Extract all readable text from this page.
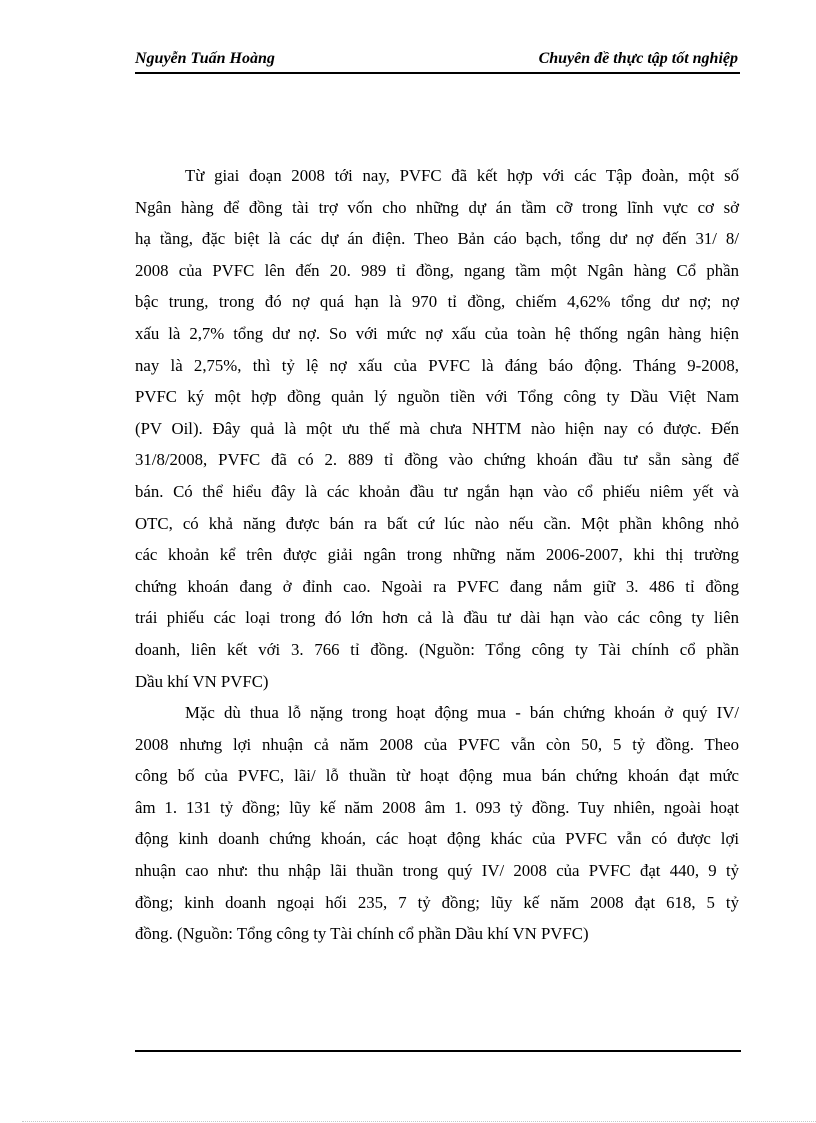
Nguyễn Tuấn Hoàng	Chuyên đề thực tập tốt nghiệp
Từ giai đoạn 2008 tới nay, PVFC đã kết hợp với các Tập đoàn, một số
Ngân hàng để đồng tài trợ vốn cho những dự án tầm cỡ trong lĩnh vực cơ sở
hạ tầng, đặc biệt là các dự án điện. Theo Bản cáo bạch, tổng dư nợ đến 31/ 8/
2008 của PVFC lên đến 20. 989 tỉ đồng, ngang tầm một Ngân hàng Cổ phần
bậc trung, trong đó nợ quá hạn là 970 tỉ đồng, chiếm 4,62% tổng dư nợ; nợ
xấu là 2,7% tổng dư nợ. So với mức nợ xấu của toàn hệ thống ngân hàng hiện
nay là 2,75%, thì tỷ lệ nợ xấu của PVFC là đáng báo động. Tháng 9-2008,
PVFC ký một hợp đồng quản lý nguồn tiền với Tổng công ty Dầu Việt Nam
(PV Oil). Đây quả là một ưu thế mà chưa NHTM nào hiện nay có được. Đến
31/8/2008, PVFC đã có 2. 889 tỉ đồng vào chứng khoán đầu tư sẵn sàng để
bán. Có thể hiểu đây là các khoản đầu tư ngắn hạn vào cổ phiếu niêm yết và
OTC, có khả năng được bán ra bất cứ lúc nào nếu cần. Một phần không nhỏ
các khoản kể trên được giải ngân trong những năm 2006-2007, khi thị trường
chứng khoán đang ở đỉnh cao. Ngoài ra PVFC đang nắm giữ 3. 486 tỉ đồng
trái phiếu các loại trong đó lớn hơn cả là đầu tư dài hạn vào các công ty liên
doanh, liên kết với 3. 766 tỉ đồng. (Nguồn: Tổng công ty Tài chính cổ phần
Dầu khí VN PVFC)
Mặc dù thua lỗ nặng trong hoạt động mua - bán chứng khoán ở quý IV/
2008 nhưng lợi nhuận cả năm 2008 của PVFC vẫn còn 50, 5 tỷ đồng. Theo
công bố của PVFC, lãi/ lỗ thuần từ hoạt động mua bán chứng khoán đạt mức
âm 1. 131 tỷ đồng; lũy kế năm 2008 âm 1. 093 tỷ đồng. Tuy nhiên, ngoài hoạt
động kinh doanh chứng khoán, các hoạt động khác của PVFC vẫn có được lợi
nhuận cao như: thu nhập lãi thuần trong quý IV/ 2008 của PVFC đạt 440, 9 tỷ
đồng; kinh doanh ngoại hối 235, 7 tỷ đồng; lũy kế năm 2008 đạt 618, 5 tỷ
đồng. (Nguồn: Tổng công ty Tài chính cổ phần Dầu khí VN PVFC)
